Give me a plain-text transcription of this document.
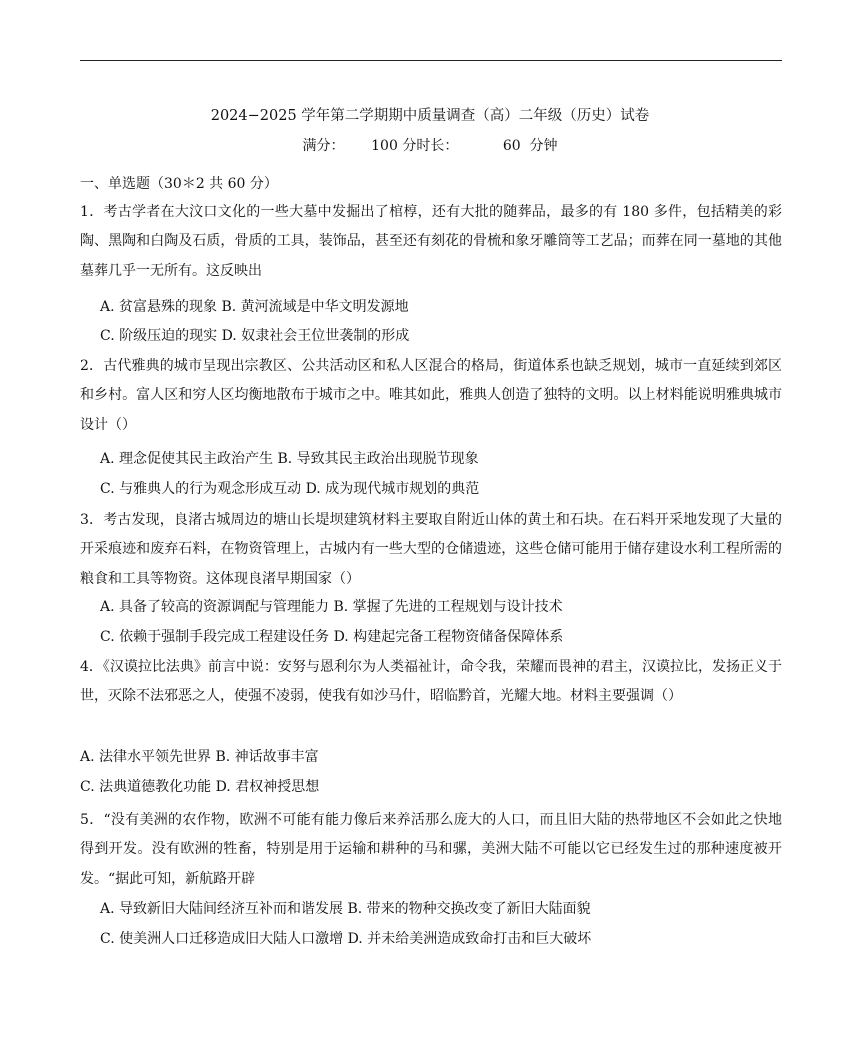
2024−2025 学年第二学期期中质量调查（高）二年级（历史）试卷
满分：      100 分时长：          60  分钟
一、单选题（30＊2 共 60 分）
1．考古学者在大汶口文化的一些大墓中发掘出了棺椁，还有大批的随葬品，最多的有 180 多件，包括精美的彩陶、黑陶和白陶及石质，骨质的工具，装饰品，甚至还有刻花的骨梳和象牙雕筒等工艺品；而葬在同一墓地的其他墓葬几乎一无所有。这反映出
A. 贫富悬殊的现象 B. 黄河流域是中华文明发源地
C. 阶级压迫的现实 D. 奴隶社会王位世袭制的形成
2．古代雅典的城市呈现出宗教区、公共活动区和私人区混合的格局，街道体系也缺乏规划，城市一直延续到郊区和乡村。富人区和穷人区均衡地散布于城市之中。唯其如此，雅典人创造了独特的文明。以上材料能说明雅典城市设计（）
A. 理念促使其民主政治产生 B. 导致其民主政治出现脱节现象
C. 与雅典人的行为观念形成互动 D. 成为现代城市规划的典范
3．考古发现，良渚古城周边的塘山长堤坝建筑材料主要取自附近山体的黄土和石块。在石料开采地发现了大量的开采痕迹和废弃石料，在物资管理上，古城内有一些大型的仓储遗迹，这些仓储可能用于储存建设水利工程所需的粮食和工具等物资。这体现良渚早期国家（）
A. 具备了较高的资源调配与管理能力 B. 掌握了先进的工程规划与设计技术
C. 依赖于强制手段完成工程建设任务 D. 构建起完备工程物资储备保障体系
4．《汉谟拉比法典》前言中说：安努与恩利尔为人类福祉计，命令我，荣耀而畏神的君主，汉谟拉比，发扬正义于世，灭除不法邪恶之人，使强不凌弱，使我有如沙马什，昭临黔首，光耀大地。材料主要强调（）
A. 法律水平领先世界 B. 神话故事丰富
C. 法典道德教化功能 D. 君权神授思想
5．“没有美洲的农作物，欧洲不可能有能力像后来养活那么庞大的人口，而且旧大陆的热带地区不会如此之快地得到开发。没有欧洲的牲畜，特别是用于运输和耕种的马和骡，美洲大陆不可能以它已经发生过的那种速度被开发。“据此可知，新航路开辟
A. 导致新旧大陆间经济互补而和谐发展 B. 带来的物种交换改变了新旧大陆面貌
C. 使美洲人口迁移造成旧大陆人口激增 D. 并未给美洲造成致命打击和巨大破坏
